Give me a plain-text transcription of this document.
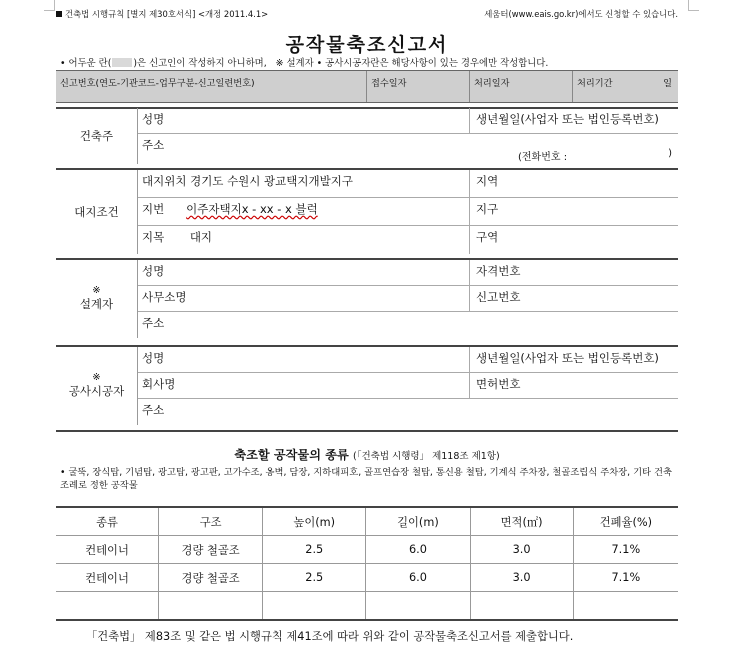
건축법 시행규칙 [별지 제30호서식] <개정 2011.4.1>	세움터(www.eais.go.kr)에서도 신청할 수 있습니다.
공작물축조신고서
• 어두운 란( )은 신고인이 작성하지 아니하며, ※ 설계자 • 공사시공자란은 해당사항이 있는 경우에만 작성합니다.
신고번호(연도-기관코드-업무구분-신고일련번호)	접수일자	처리일자	처리기간	일
건축주
성명	생년월일(사업자 또는 법인등록번호)
주소
(전화번호 :	)
대지조건
대지위치 경기도 수원시 광교택지개발지구	지역
지번 이주자택지x - xx - x 블럭	지구
지목 대지	구역
※
설계자
성명	자격번호
사무소명	신고번호
주소
※
공사시공자
성명	생년월일(사업자 또는 법인등록번호)
회사명	면허번호
주소
축조할 공작물의 종류 (「건축법 시행령」 제118조 제1항)
• 굴뚝, 장식탑, 기념탑, 광고탑, 광고판, 고가수조, 옹벽, 담장, 지하대피호, 골프연습장 철탑, 통신용 철탑, 기계식 주차장, 철골조립식 주차장, 기타 건축조례로 정한 공작물
종류	구조	높이(m)	길이(m)	면적(㎡)	건폐율(%)
컨테이너	경량 철골조	2.5	6.0	3.0	7.1%
컨테이너	경량 철골조	2.5	6.0	3.0	7.1%

「건축법」 제83조 및 같은 법 시행규칙 제41조에 따라 위와 같이 공작물축조신고서를 제출합니다.
